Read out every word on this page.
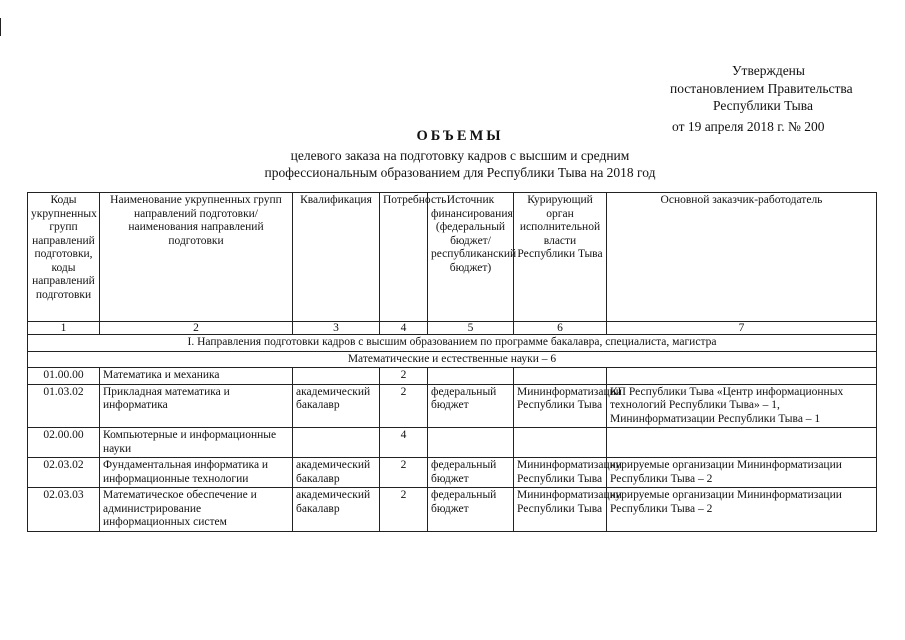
Утверждены
постановлением Правительства
Республики Тыва
от 19 апреля 2018 г. № 200
ОБЪЕМЫ
целевого заказа на подготовку кадров с высшим и средним
профессиональным образованием для Республики Тыва на 2018 год
Коды укрупненных групп направлений подготовки, коды направлений подготовки	Наименование укрупненных групп направлений подготовки/ наименования направлений подготовки	Квалификация	Потребность	Источник финансирования (федеральный бюджет/республиканский бюджет)	Курирующий орган исполнительной власти Республики Тыва	Основной заказчик-работодатель
1	2	3	4	5	6	7
I. Направления подготовки кадров с высшим образованием по программе бакалавра, специалиста, магистра						
Математические и естественные науки – 6						
01.00.00	Математика и механика		2			
01.03.02	Прикладная математика и информатика	академический бакалавр	2	федеральный бюджет	Мининформатизации Республики Тыва	КП Республики Тыва «Центр информационных технологий Республики Тыва» – 1, Мининформатизации Республики Тыва – 1
02.00.00	Компьютерные и информационные науки		4			
02.03.02	Фундаментальная информатика и информационные технологии	академический бакалавр	2	федеральный бюджет	Мининформатизации Республики Тыва	курируемые организации Мининформатизации Республики Тыва – 2
02.03.03	Математическое обеспечение и администрирование информационных систем	академический бакалавр	2	федеральный бюджет	Мининформатизации Республики Тыва	курируемые организации Мининформатизации Республики Тыва – 2
